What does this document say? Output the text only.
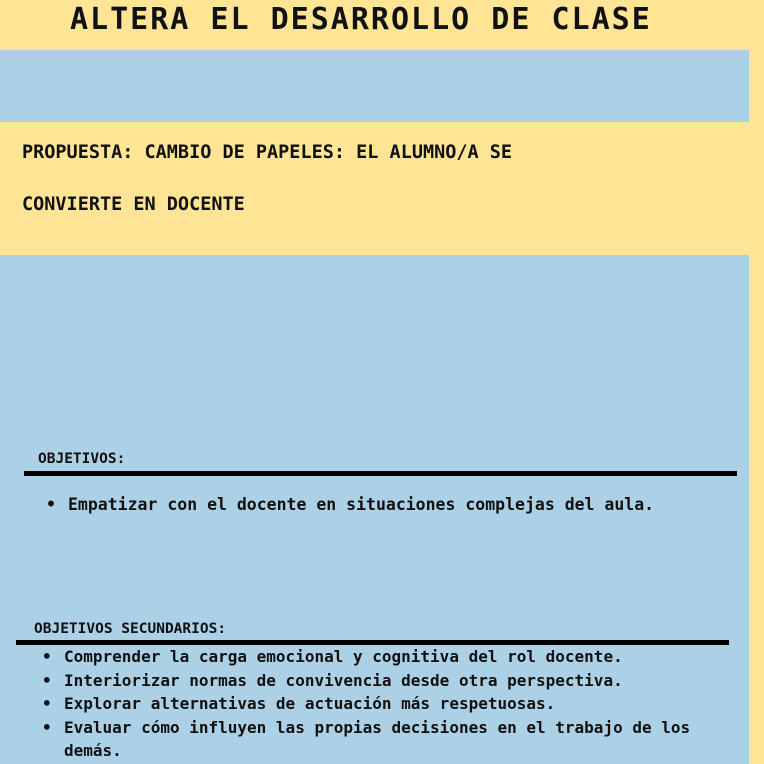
ALTERA EL DESARROLLO DE CLASE

PROPUESTA: CAMBIO DE PAPELES: EL ALUMNO/A SE

CONVIERTE EN DOCENTE

OBJETIVOS:

• Empatizar con el docente en situaciones complejas del aula.

OBJETIVOS SECUNDARIOS:

• Comprender la carga emocional y cognitiva del rol docente.
• Interiorizar normas de convivencia desde otra perspectiva.
• Explorar alternativas de actuación más respetuosas.
• Evaluar cómo influyen las propias decisiones en el trabajo de los demás.
